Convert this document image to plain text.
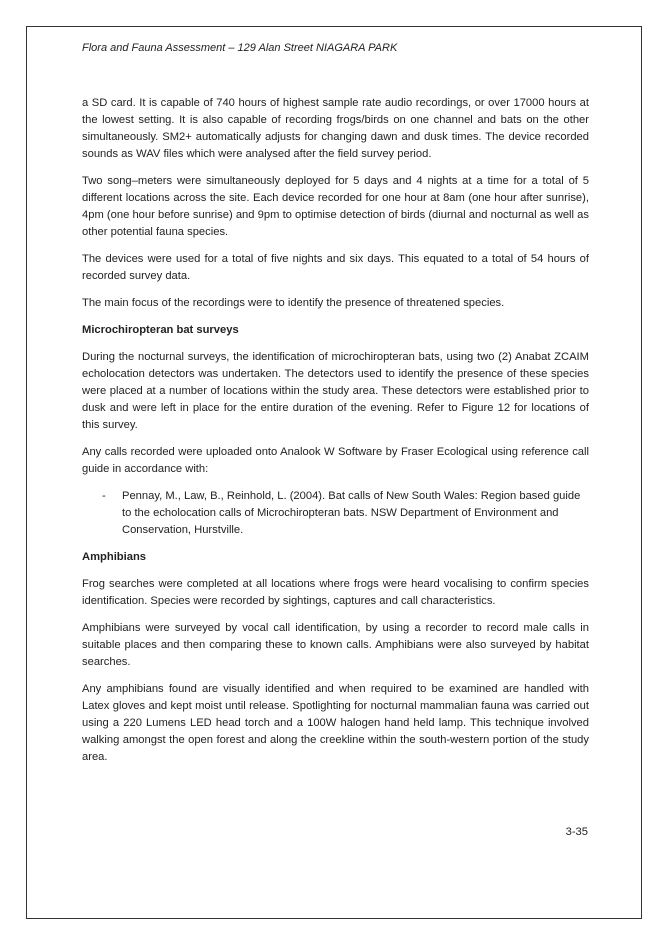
Flora and Fauna Assessment – 129 Alan Street NIAGARA PARK

a SD card. It is capable of 740 hours of highest sample rate audio recordings, or over 17000 hours at the lowest setting. It is also capable of recording frogs/birds on one channel and bats on the other simultaneously. SM2+ automatically adjusts for changing dawn and dusk times. The device recorded sounds as WAV files which were analysed after the field survey period.

Two song–meters were simultaneously deployed for 5 days and 4 nights at a time for a total of 5 different locations across the site. Each device recorded for one hour at 8am (one hour after sunrise), 4pm (one hour before sunrise) and 9pm to optimise detection of birds (diurnal and nocturnal as well as other potential fauna species.

The devices were used for a total of five nights and six days. This equated to a total of 54 hours of recorded survey data.

The main focus of the recordings were to identify the presence of threatened species.

Microchiropteran bat surveys

During the nocturnal surveys, the identification of microchiropteran bats, using two (2) Anabat ZCAIM echolocation detectors was undertaken. The detectors used to identify the presence of these species were placed at a number of locations within the study area. These detectors were established prior to dusk and were left in place for the entire duration of the evening. Refer to Figure 12 for locations of this survey.

Any calls recorded were uploaded onto Analook W Software by Fraser Ecological using reference call guide in accordance with:

-	Pennay, M., Law, B., Reinhold, L. (2004). Bat calls of New South Wales: Region based guide to the echolocation calls of Microchiropteran bats. NSW Department of Environment and Conservation, Hurstville.
Amphibians

Frog searches were completed at all locations where frogs were heard vocalising to confirm species identification. Species were recorded by sightings, captures and call characteristics.

Amphibians were surveyed by vocal call identification, by using a recorder to record male calls in suitable places and then comparing these to known calls. Amphibians were also surveyed by habitat searches.

Any amphibians found are visually identified and when required to be examined are handled with Latex gloves and kept moist until release. Spotlighting for nocturnal mammalian fauna was carried out using a 220 Lumens LED head torch and a 100W halogen hand held lamp. This technique involved walking amongst the open forest and along the creekline within the south-western portion of the study area.

3-35
